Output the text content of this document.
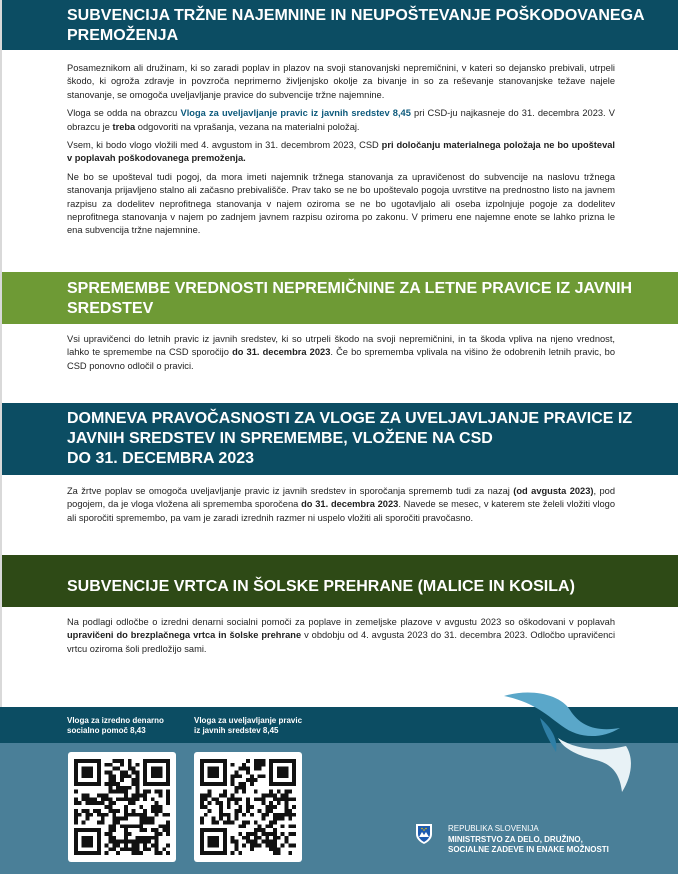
SUBVENCIJA TRŽNE NAJEMNINE IN NEUPOŠTEVANJE POŠKODOVANEGA
PREMOŽENJA

Posameznikom ali družinam, ki so zaradi poplav in plazov na svoji stanovanjski nepremičnini, v kateri so dejansko prebivali, utrpeli škodo, ki ogroža zdravje in povzroča neprimerno življenjsko okolje za bivanje in so za reševanje stanovanjske težave najele stanovanje, se omogoča uveljavljanje pravice do subvencije tržne najemnine.

Vloga se odda na obrazcu Vloga za uveljavljanje pravic iz javnih sredstev 8,45 pri CSD-ju najkasneje do 31. decembra 2023. V obrazcu je treba odgovoriti na vprašanja, vezana na materialni položaj.

Vsem, ki bodo vlogo vložili med 4. avgustom in 31. decembrom 2023, CSD pri določanju materialnega položaja ne bo upošteval v poplavah poškodovanega premoženja.

Ne bo se upošteval tudi pogoj, da mora imeti najemnik tržnega stanovanja za upravičenost do subvencije na naslovu tržnega stanovanja prijavljeno stalno ali začasno prebivališče. Prav tako se ne bo upoštevalo pogoja uvrstitve na prednostno listo na javnem razpisu za dodelitev neprofitnega stanovanja v najem oziroma se ne bo ugotavljalo ali oseba izpolnjuje pogoje za dodelitev neprofitnega stanovanja v najem po zadnjem javnem razpisu oziroma po zakonu. V primeru ene najemne enote se lahko prizna le ena subvencija tržne najemnine.

SPREMEMBE VREDNOSTI NEPREMIČNINE ZA LETNE PRAVICE IZ JAVNIH
SREDSTEV

Vsi upravičenci do letnih pravic iz javnih sredstev, ki so utrpeli škodo na svoji nepremičnini, in ta škoda vpliva na njeno vrednost, lahko te spremembe na CSD sporočijo do 31. decembra 2023. Če bo sprememba vplivala na višino že odobrenih letnih pravic, bo CSD ponovno odločil o pravici.

DOMNEVA PRAVOČASNOSTI ZA VLOGE ZA UVELJAVLJANJE PRAVICE IZ
JAVNIH SREDSTEV IN SPREMEMBE, VLOŽENE NA CSD
DO 31. DECEMBRA 2023

Za žrtve poplav se omogoča uveljavljanje pravic iz javnih sredstev in sporočanja sprememb tudi za nazaj (od avgusta 2023), pod pogojem, da je vloga vložena ali sprememba sporočena do 31. decembra 2023. Navede se mesec, v katerem ste želeli vložiti vlogo ali sporočiti spremembo, pa vam je zaradi izrednih razmer ni uspelo vložiti ali sporočiti pravočasno.

SUBVENCIJE VRTCA IN ŠOLSKE PREHRANE (MALICE IN KOSILA)

Na podlagi odločbe o izredni denarni socialni pomoči za poplave in zemeljske plazove v avgustu 2023 so oškodovani v poplavah upravičeni do brezplačnega vrtca in šolske prehrane v obdobju od 4. avgusta 2023 do 31. decembra 2023. Odločbo upravičenci vrtcu oziroma šoli predložijo sami.

Vloga za izredno denarno
socialno pomoč 8,43
Vloga za uveljavljanje pravic
iz javnih sredstev 8,45
REPUBLIKA SLOVENIJA
MINISTRSTVO ZA DELO, DRUŽINO,
SOCIALNE ZADEVE IN ENAKE MOŽNOSTI
